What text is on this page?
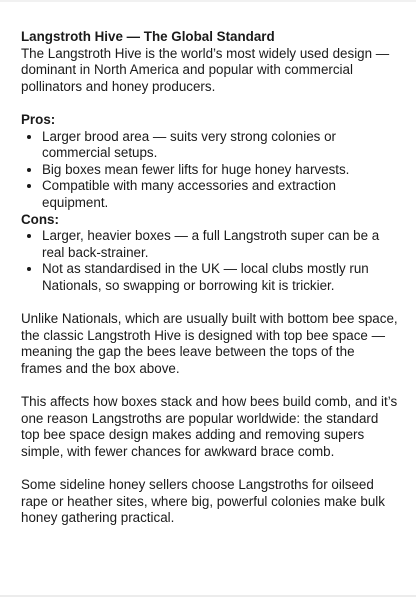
Langstroth Hive — The Global Standard

The Langstroth Hive is the world’s most widely used design — dominant in North America and popular with commercial pollinators and honey producers.

Pros:

• Larger brood area — suits very strong colonies or commercial setups.
• Big boxes mean fewer lifts for huge honey harvests.
• Compatible with many accessories and extraction equipment.

Cons:

• Larger, heavier boxes — a full Langstroth super can be a real back-strainer.
• Not as standardised in the UK — local clubs mostly run Nationals, so swapping or borrowing kit is trickier.

Unlike Nationals, which are usually built with bottom bee space, the classic Langstroth Hive is designed with top bee space — meaning the gap the bees leave between the tops of the frames and the box above.

This affects how boxes stack and how bees build comb, and it’s one reason Langstroths are popular worldwide: the standard top bee space design makes adding and removing supers simple, with fewer chances for awkward brace comb.

Some sideline honey sellers choose Langstroths for oilseed rape or heather sites, where big, powerful colonies make bulk honey gathering practical.
